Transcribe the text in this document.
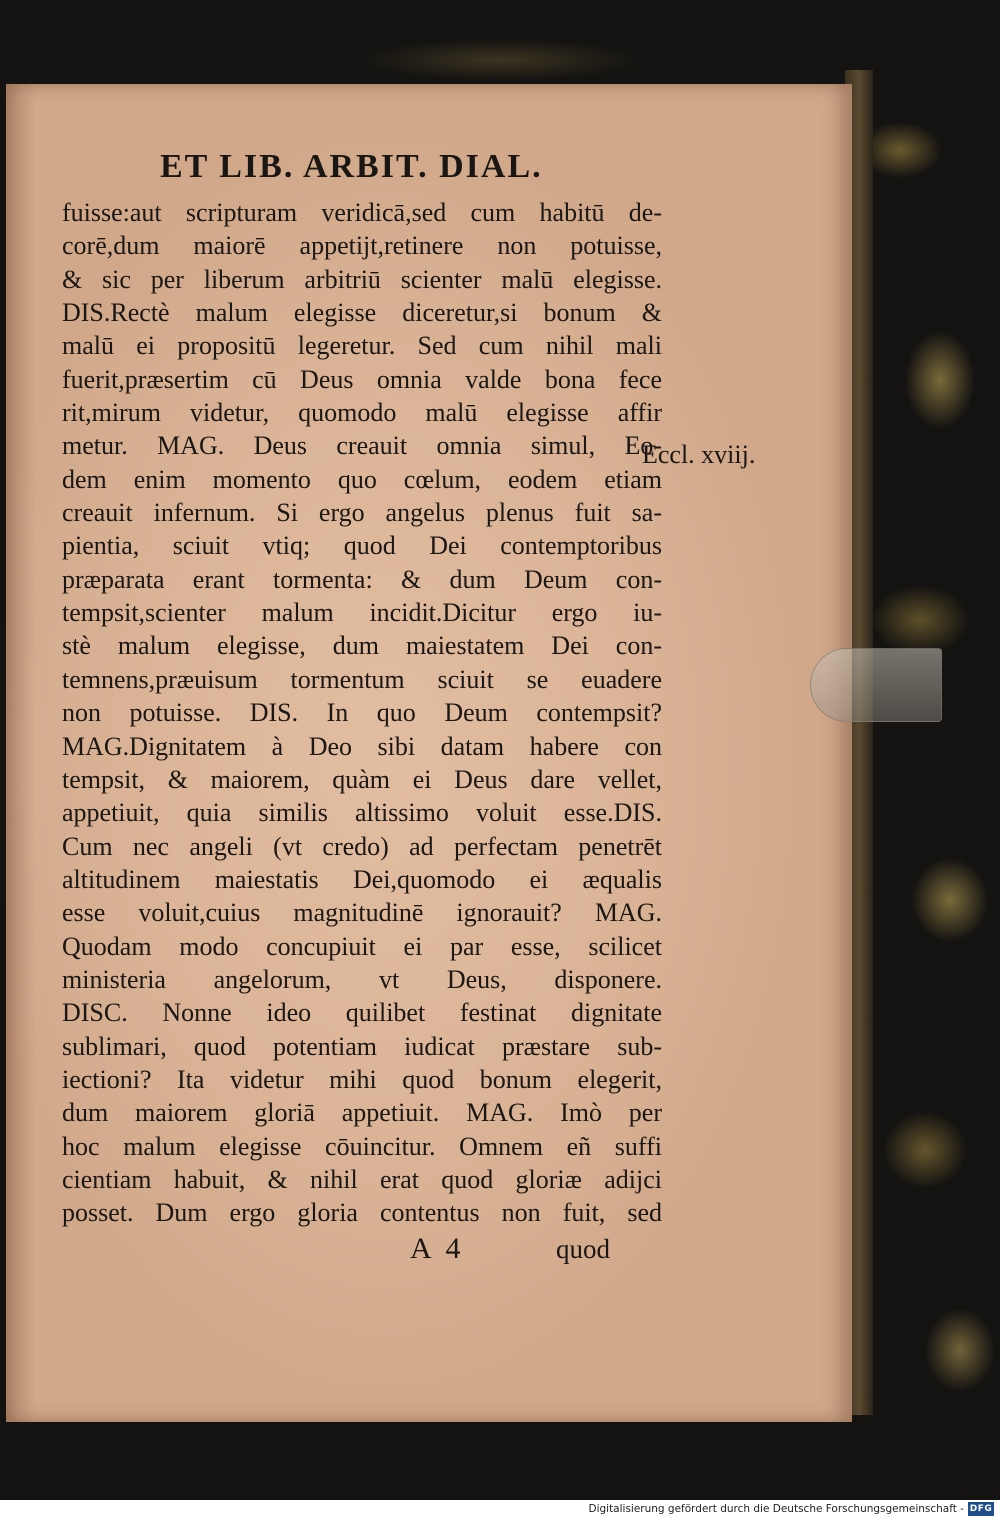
ET LIB. ARBIT. DIAL.
fuisse:aut scripturam veridicā,sed cum habitū de-
corē,dum maiorē appetijt,retinere non potuisse,
& sic per liberum arbitriū scienter malū elegisse.
DIS.Rectè malum elegisse diceretur,si bonum &
malū ei propositū legeretur. Sed cum nihil mali
fuerit,præsertim cū Deus omnia valde bona fece
rit,mirum videtur, quomodo malū elegisse affir
metur. MAG. Deus creauit omnia simul, Eo-
dem enim momento quo cœlum, eodem etiam
creauit infernum. Si ergo angelus plenus fuit sa-
pientia, sciuit vtiq; quod Dei contemptoribus
præparata erant tormenta: & dum Deum con-
tempsit,scienter malum incidit.Dicitur ergo iu-
stè malum elegisse, dum maiestatem Dei con-
temnens,præuisum tormentum sciuit se euadere
non potuisse. DIS. In quo Deum contempsit?
MAG.Dignitatem à Deo sibi datam habere con
tempsit, & maiorem, quàm ei Deus dare vellet,
appetiuit, quia similis altissimo voluit esse.DIS.
Cum nec angeli (vt credo) ad perfectam penetrēt
altitudinem maiestatis Dei,quomodo ei æqualis
esse voluit,cuius magnitudinē ignorauit? MAG.
Quodam modo concupiuit ei par esse, scilicet
ministeria angelorum, vt Deus, disponere.
DISC. Nonne ideo quilibet festinat dignitate
sublimari, quod potentiam iudicat præstare sub-
iectioni? Ita videtur mihi quod bonum elegerit,
dum maiorem gloriā appetiuit. MAG. Imò per
hoc malum elegisse cōuincitur. Omnem eñ suffi
cientiam habuit, & nihil erat quod gloriæ adijci
posset. Dum ergo gloria contentus non fuit, sed
Eccl. xviij.
A 4	quod
Digitalisierung gefördert durch die Deutsche Forschungsgemeinschaft - DFG
